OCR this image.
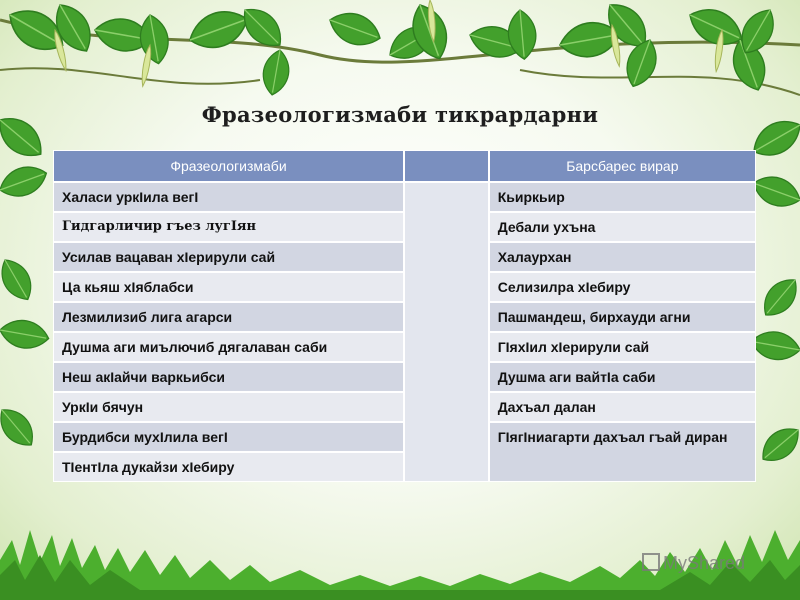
Фразеологизмаби тикрардарни
Фразеологизмаби		Барсбарес вирар
Халаси уркIила вегI		Кьиркьир
Гидгарличир гъез лугIян		Дебали ухъна
Усилав вацаван хIерирули сай		Халаурхан
Ца кьяш хIяблабси		Селизилра хIебиру
Лезмилизиб лига агарси		Пашмандеш, бирхауди агни
Душма аги миълючиб дягалаван саби		ГIяхIил хIерирули сай
Неш акIайчи варкьибси		Душма аги вайтIа саби
УркIи бячун		Дахъал далан
Бурдибси мухIлила вегI		ГIягIниагарти дахъал гъай диран
ТIентIла дукайзи хIебиру		
MyShared
